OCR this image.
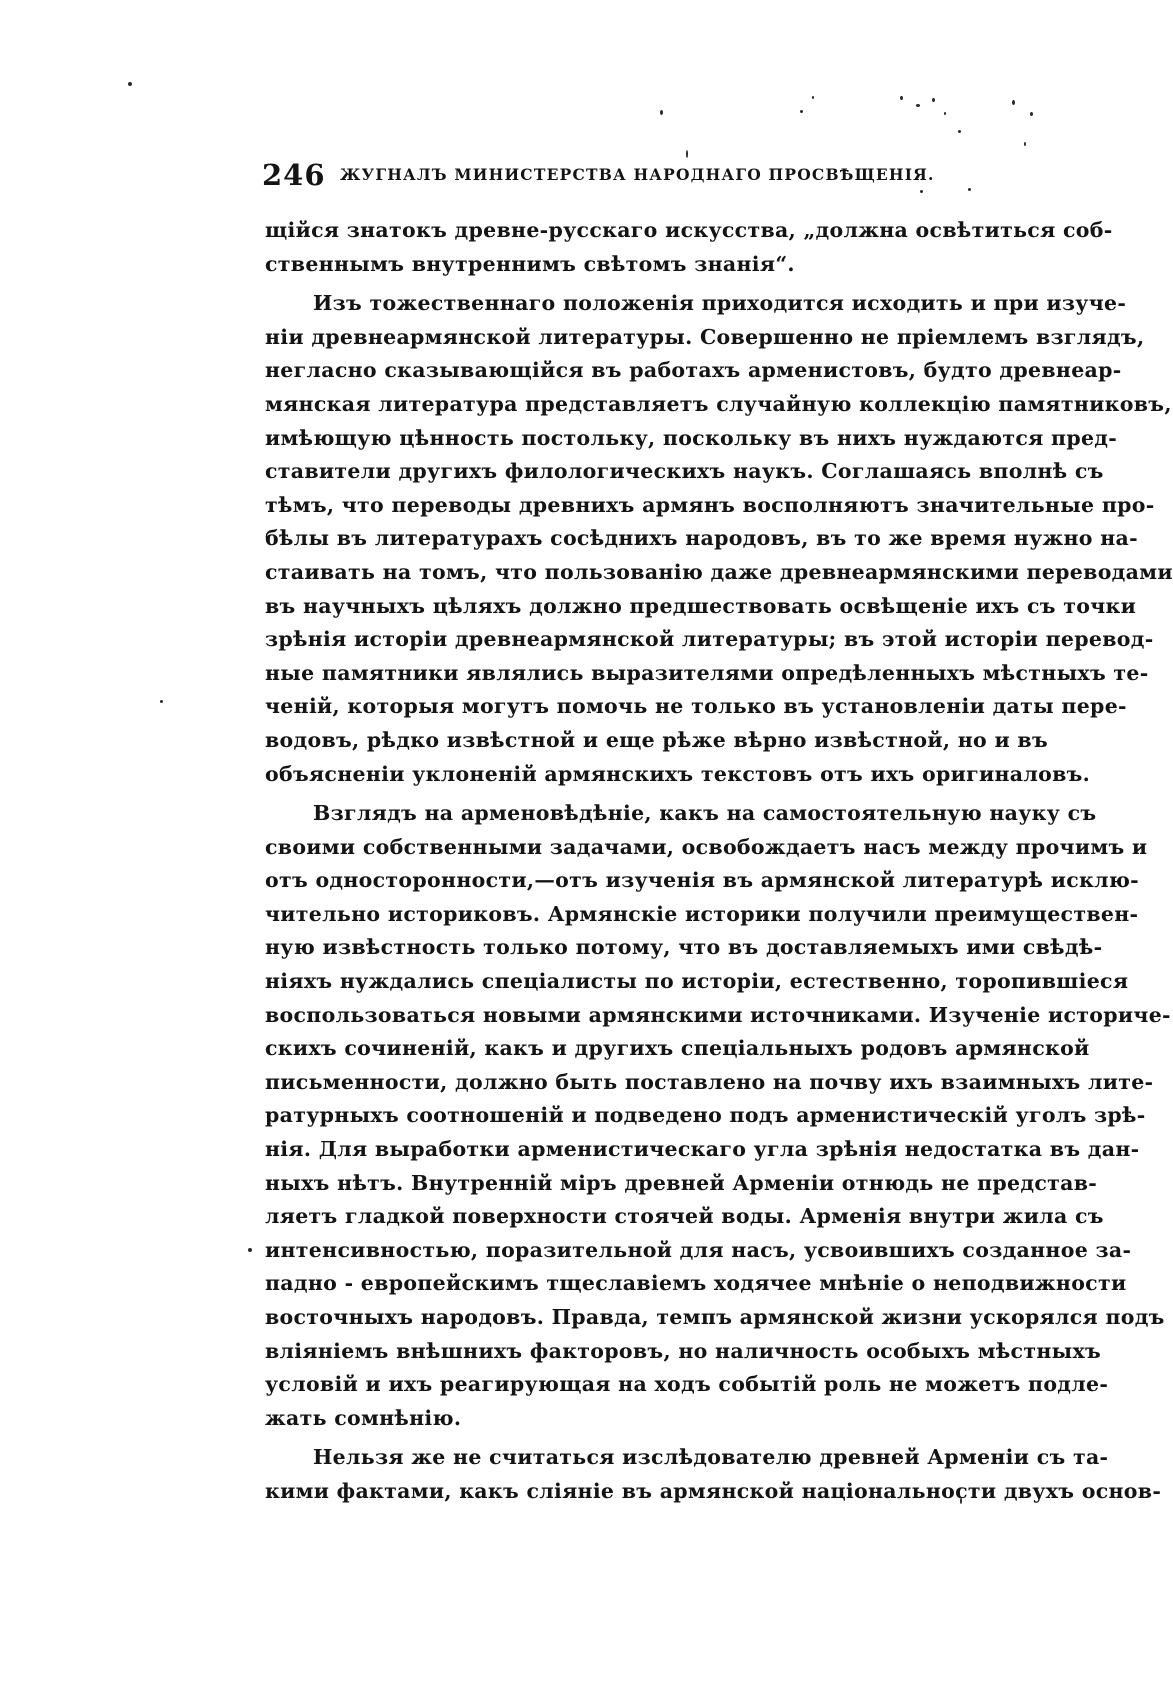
246 ЖУГНАЛЪ МИНИСТЕРСТВА НАРОДНАГО ПРОСВѢЩЕНІЯ.
щійся знатокъ древне-русскаго искусства, „должна освѣтиться соб-
ственнымъ внутреннимъ свѣтомъ знанія“.
Изъ тожественнаго положенія приходится исходить и при изуче-
ніи древнеармянской литературы. Совершенно не пріемлемъ взглядъ,
негласно сказывающійся въ работахъ арменистовъ, будто древнеар-
мянская литература представляетъ случайную коллекцію памятниковъ,
имѣющую цѣнность постольку, поскольку въ нихъ нуждаются пред-
ставители другихъ филологическихъ наукъ. Соглашаясь вполнѣ съ
тѣмъ, что переводы древнихъ армянъ восполняютъ значительные про-
бѣлы въ литературахъ сосѣднихъ народовъ, въ то же время нужно на-
стаивать на томъ, что пользованію даже древнеармянскими переводами
въ научныхъ цѣляхъ должно предшествовать освѣщеніе ихъ съ точки
зрѣнія исторіи древнеармянской литературы; въ этой исторіи перевод-
ные памятники являлись выразителями опредѣленныхъ мѣстныхъ те-
ченій, которыя могутъ помочь не только въ установленіи даты пере-
водовъ, рѣдко извѣстной и еще рѣже вѣрно извѣстной, но и въ
объясненіи уклоненій армянскихъ текстовъ отъ ихъ оригиналовъ.
Взглядъ на арменовѣдѣніе, какъ на самостоятельную науку съ
своими собственными задачами, освобождаетъ насъ между прочимъ и
отъ односторонности,—отъ изученія въ армянской литературѣ исклю-
чительно историковъ. Армянскіе историки получили преимуществен-
ную извѣстность только потому, что въ доставляемыхъ ими свѣдѣ-
ніяхъ нуждались спеціалисты по исторіи, естественно, торопившіеся
воспользоваться новыми армянскими источниками. Изученіе историче-
скихъ сочиненій, какъ и другихъ спеціальныхъ родовъ армянской
письменности, должно быть поставлено на почву ихъ взаимныхъ лите-
ратурныхъ соотношеній и подведено подъ арменистическій уголъ зрѣ-
нія. Для выработки арменистическаго угла зрѣнія недостатка въ дан-
ныхъ нѣтъ. Внутренній міръ древней Арменіи отнюдь не представ-
ляетъ гладкой поверхности стоячей воды. Арменія внутри жила съ
интенсивностью, поразительной для насъ, усвоившихъ созданное за-
падно - европейскимъ тщеславіемъ ходячее мнѣніе о неподвижности
восточныхъ народовъ. Правда, темпъ армянской жизни ускорялся подъ
вліяніемъ внѣшнихъ факторовъ, но наличность особыхъ мѣстныхъ
условій и ихъ реагирующая на ходъ событій роль не можетъ подле-
жать сомнѣнію.
Нельзя же не считаться изслѣдователю древней Арменіи съ та-
кими фактами, какъ сліяніе въ армянской національности двухъ основ-
